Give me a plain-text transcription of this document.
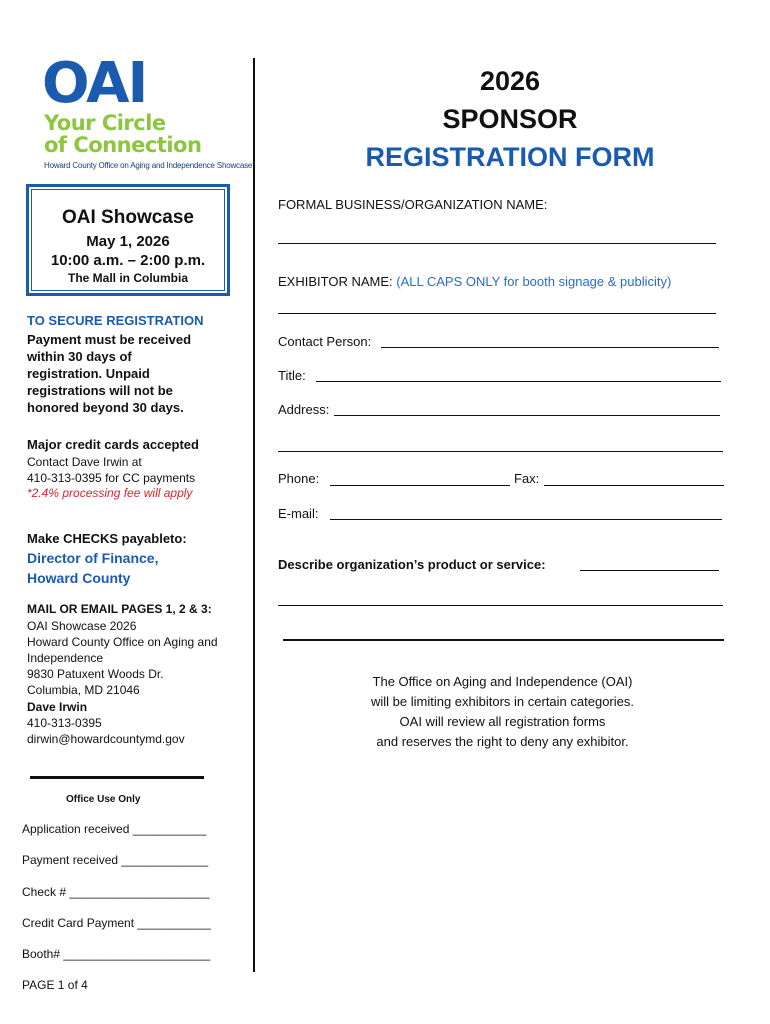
OAI
Your Circle
of Connection
Howard County Office on Aging and Independence Showcase
OAI Showcase
May 1, 2026
10:00 a.m. – 2:00 p.m.
The Mall in Columbia
TO SECURE REGISTRATION
Payment must be received
within 30 days of
registration. Unpaid
registrations will not be
honored beyond 30 days.
Major credit cards accepted
Contact Dave Irwin at
410-313-0395 for CC payments
*2.4% processing fee will apply
Make CHECKS payableto:
Director of Finance,
Howard County
MAIL OR EMAIL PAGES 1, 2 & 3:
OAI Showcase 2026
Howard County Office on Aging and
Independence
9830 Patuxent Woods Dr.
Columbia, MD 21046
Dave Irwin
410-313-0395
dirwin@howardcountymd.gov
Office Use Only
Application received ___________
Payment received _____________
Check # _____________________
Credit Card Payment ___________
Booth# ______________________
PAGE 1 of 4
2026
SPONSOR
REGISTRATION FORM
FORMAL BUSINESS/ORGANIZATION NAME:
EXHIBITOR NAME: (ALL CAPS ONLY for booth signage & publicity)
Contact Person:
Title:
Address:
Phone:	Fax:
E-mail:
Describe organization’s product or service:
The Office on Aging and Independence (OAI)
will be limiting exhibitors in certain categories.
OAI will review all registration forms
and reserves the right to deny any exhibitor.
